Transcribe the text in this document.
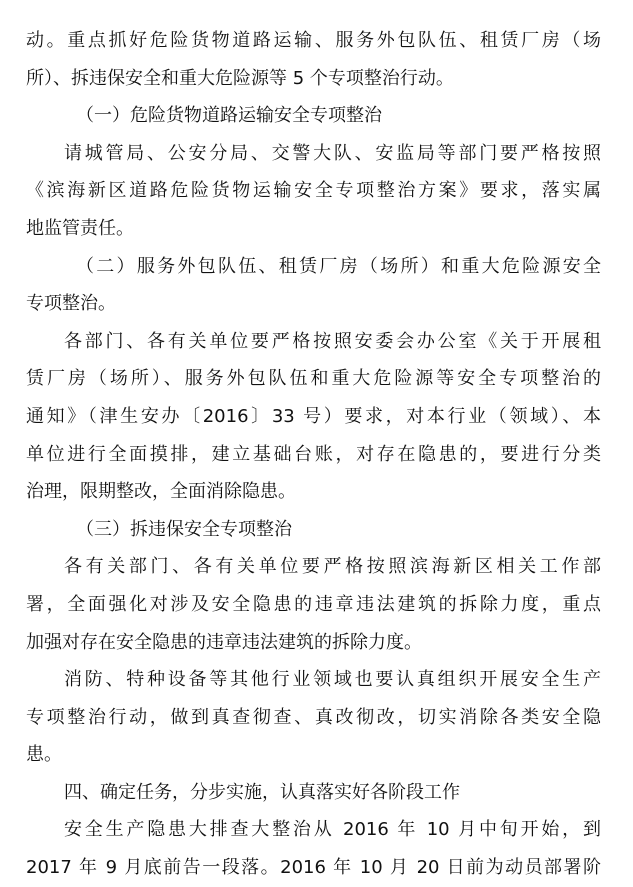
动。重点抓好危险货物道路运输、服务外包队伍、租赁厂房（场
所）、拆违保安全和重大危险源等 5 个专项整治行动。
（一）危险货物道路运输安全专项整治
请城管局、公安分局、交警大队、安监局等部门要严格按照
《滨海新区道路危险货物运输安全专项整治方案》要求，落实属
地监管责任。
（二）服务外包队伍、租赁厂房（场所）和重大危险源安全
专项整治。
各部门、各有关单位要严格按照安委会办公室《关于开展租
赁厂房（场所）、服务外包队伍和重大危险源等安全专项整治的
通知》（津生安办〔2016〕33 号）要求，对本行业（领域）、本
单位进行全面摸排，建立基础台账，对存在隐患的，要进行分类
治理，限期整改，全面消除隐患。
（三）拆违保安全专项整治
各有关部门、各有关单位要严格按照滨海新区相关工作部
署，全面强化对涉及安全隐患的违章违法建筑的拆除力度，重点
加强对存在安全隐患的违章违法建筑的拆除力度。
消防、特种设备等其他行业领域也要认真组织开展安全生产
专项整治行动，做到真查彻查、真改彻改，切实消除各类安全隐
患。
四、确定任务，分步实施，认真落实好各阶段工作
安全生产隐患大排查大整治从 2016 年 10 月中旬开始，到
2017 年 9 月底前告一段落。2016 年 10 月 20 日前为动员部署阶
